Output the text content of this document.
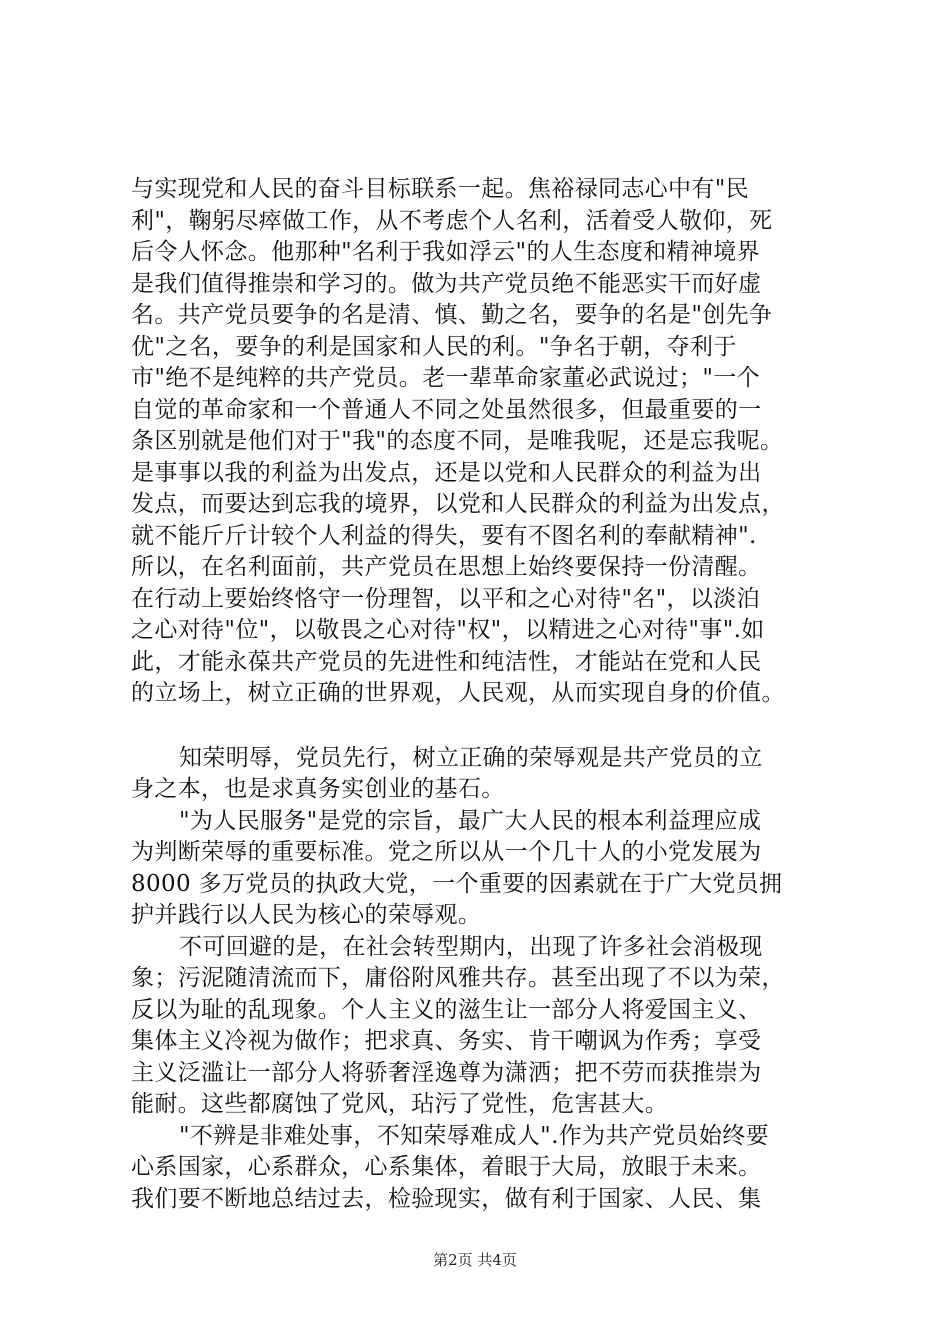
与实现党和人民的奋斗目标联系一起。焦裕禄同志心中有"民
利"，鞠躬尽瘁做工作，从不考虑个人名利，活着受人敬仰，死
后令人怀念。他那种"名利于我如浮云"的人生态度和精神境界
是我们值得推崇和学习的。做为共产党员绝不能恶实干而好虚
名。共产党员要争的名是清、慎、勤之名，要争的名是"创先争
优"之名，要争的利是国家和人民的利。"争名于朝，夺利于
市"绝不是纯粹的共产党员。老一辈革命家董必武说过；"一个
自觉的革命家和一个普通人不同之处虽然很多，但最重要的一
条区别就是他们对于"我"的态度不同，是唯我呢，还是忘我呢。
是事事以我的利益为出发点，还是以党和人民群众的利益为出
发点，而要达到忘我的境界，以党和人民群众的利益为出发点，
就不能斤斤计较个人利益的得失，要有不图名利的奉献精神".
所以，在名利面前，共产党员在思想上始终要保持一份清醒。
在行动上要始终恪守一份理智，以平和之心对待"名"，以淡泊
之心对待"位"，以敬畏之心对待"权"，以精进之心对待"事".如
此，才能永葆共产党员的先进性和纯洁性，才能站在党和人民
的立场上，树立正确的世界观，人民观，从而实现自身的价值。
知荣明辱，党员先行，树立正确的荣辱观是共产党员的立
身之本，也是求真务实创业的基石。
"为人民服务"是党的宗旨，最广大人民的根本利益理应成
为判断荣辱的重要标准。党之所以从一个几十人的小党发展为
8000 多万党员的执政大党，一个重要的因素就在于广大党员拥
护并践行以人民为核心的荣辱观。
不可回避的是，在社会转型期内，出现了许多社会消极现
象；污泥随清流而下，庸俗附风雅共存。甚至出现了不以为荣，
反以为耻的乱现象。个人主义的滋生让一部分人将爱国主义、
集体主义冷视为做作；把求真、务实、肯干嘲讽为作秀；享受
主义泛滥让一部分人将骄奢淫逸尊为潇洒；把不劳而获推崇为
能耐。这些都腐蚀了党风，玷污了党性，危害甚大。
"不辨是非难处事，不知荣辱难成人".作为共产党员始终要
心系国家，心系群众，心系集体，着眼于大局，放眼于未来。
我们要不断地总结过去，检验现实，做有利于国家、人民、集
第2页 共4页
